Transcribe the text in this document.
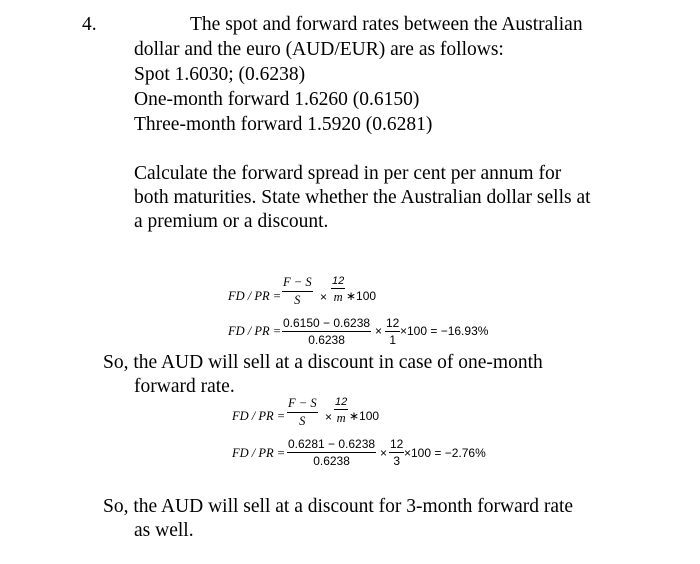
4.	The spot and forward rates between the Australian
dollar and the euro (AUD/EUR) are as follows:
Spot 1.6030; (0.6238)
One-month forward 1.6260 (0.6150)
Three-month forward 1.5920 (0.6281)
Calculate the forward spread in per cent per annum for
both maturities. State whether the Australian dollar sells at
a premium or a discount.
FD / PR = $\frac{F - S}{S} \times \frac{12}{m}$ ∗100
FD / PR = $\frac{0.6150 - 0.6238}{0.6238} \times \frac{12}{1} \times 100 = -16.93\%$
So, the AUD will sell at a discount in case of one-month
forward rate.
FD / PR = $\frac{F - S}{S} \times \frac{12}{m}$ ∗100
FD / PR = $\frac{0.6281 - 0.6238}{0.6238} \times \frac{12}{3} \times 100 = -2.76\%$
So, the AUD will sell at a discount for 3-month forward rate
as well.
